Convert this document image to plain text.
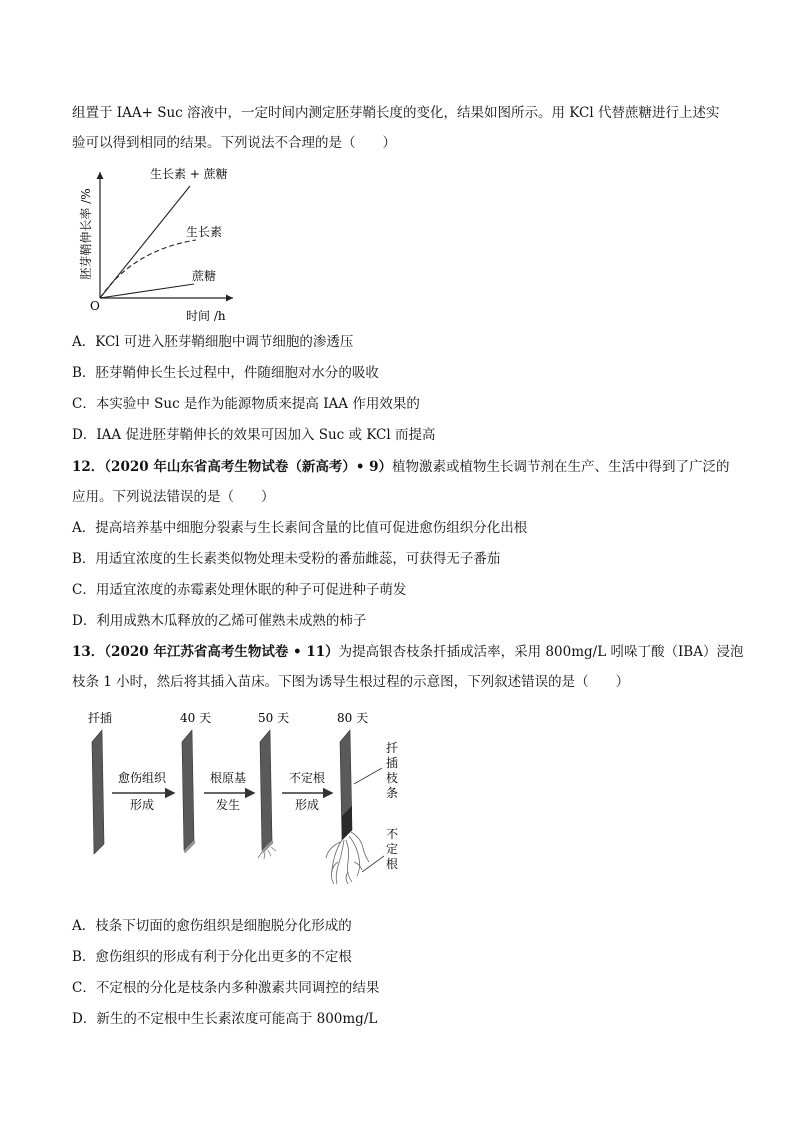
组置于 IAA+ Suc 溶液中，一定时间内测定胚芽鞘长度的变化，结果如图所示。用 KCl 代替蔗糖进行上述实
验可以得到相同的结果。下列说法不合理的是（　　）
胚芽鞘伸长率 /%
O
时间 /h
生长素 + 蔗糖
生长素
蔗糖
A．KCl 可进入胚芽鞘细胞中调节细胞的渗透压
B．胚芽鞘伸长生长过程中，件随细胞对水分的吸收
C．本实验中 Suc 是作为能源物质来提高 IAA 作用效果的
D．IAA 促进胚芽鞘伸长的效果可因加入 Suc 或 KCl 而提高
12．（2020 年山东省高考生物试卷（新高考）• 9）植物激素或植物生长调节剂在生产、生活中得到了广泛的
应用。下列说法错误的是（　　）
A．提高培养基中细胞分裂素与生长素间含量的比值可促进愈伤组织分化出根
B．用适宜浓度的生长素类似物处理未受粉的番茄雌蕊，可获得无子番茄
C．用适宜浓度的赤霉素处理休眠的种子可促进种子萌发
D．利用成熟木瓜释放的乙烯可催熟未成熟的柿子
13．（2020 年江苏省高考生物试卷 • 11）为提高银杏枝条扦插成活率，采用 800mg/L 吲哚丁酸（IBA）浸泡
枝条 1 小时，然后将其插入苗床。下图为诱导生根过程的示意图，下列叙述错误的是（　　）
扦插	40 天	50 天	80 天
愈伤组织
形成
根原基
发生
不定根
形成
扦
插
枝
条
不
定
根
A．枝条下切面的愈伤组织是细胞脱分化形成的
B．愈伤组织的形成有利于分化出更多的不定根
C．不定根的分化是枝条内多种激素共同调控的结果
D．新生的不定根中生长素浓度可能高于 800mg/L
